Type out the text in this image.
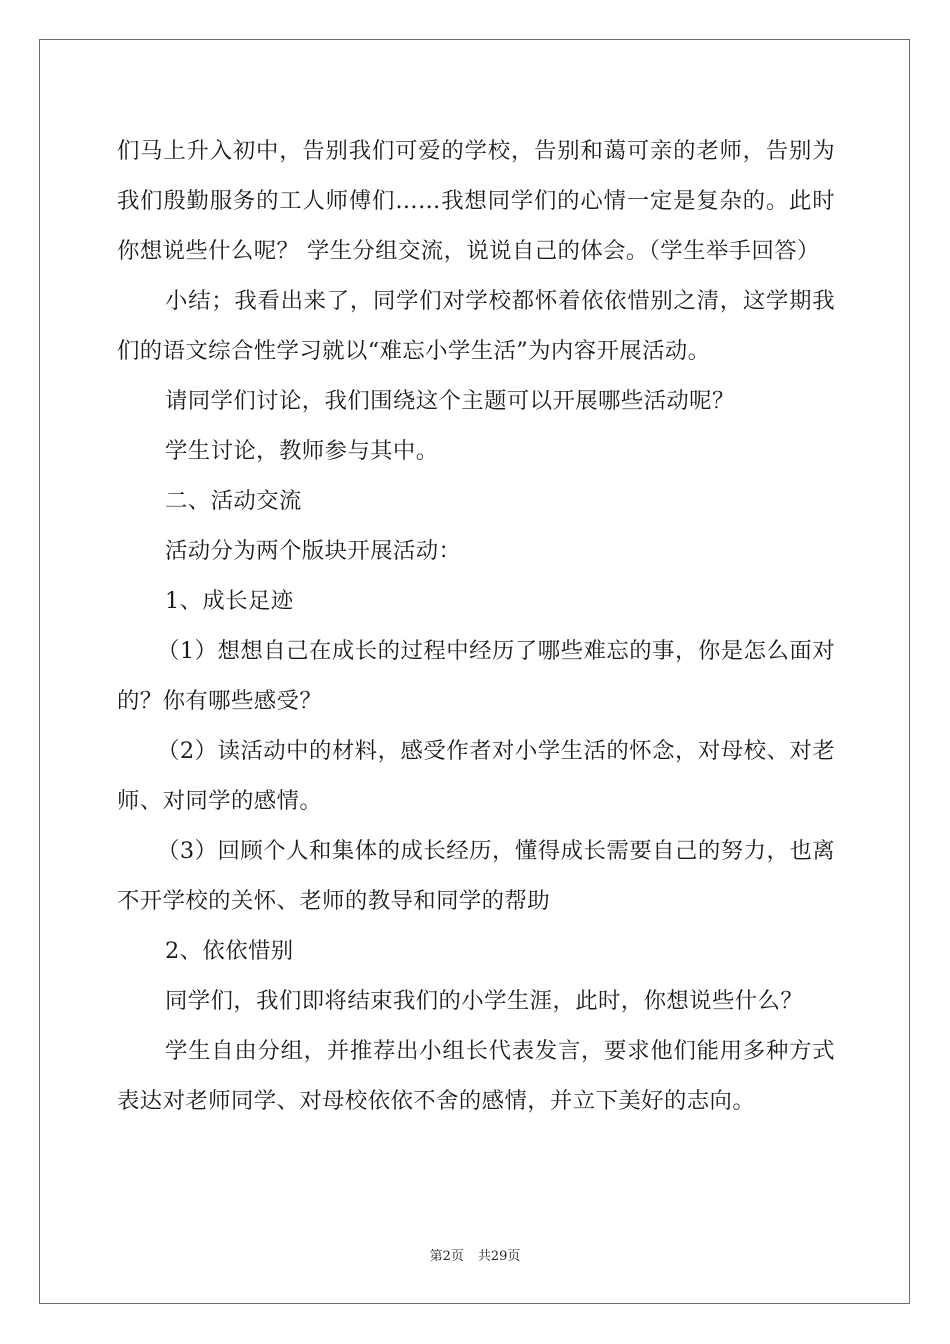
们马上升入初中，告别我们可爱的学校，告别和蔼可亲的老师，告别为我们殷勤服务的工人师傅们……我想同学们的心情一定是复杂的。此时你想说些什么呢？ 学生分组交流，说说自己的体会。（学生举手回答）

小结；我看出来了，同学们对学校都怀着依依惜别之清，这学期我们的语文综合性学习就以“难忘小学生活”为内容开展活动。

请同学们讨论，我们围绕这个主题可以开展哪些活动呢？

学生讨论，教师参与其中。

二、活动交流

活动分为两个版块开展活动：

1、成长足迹

（1）想想自己在成长的过程中经历了哪些难忘的事，你是怎么面对的？你有哪些感受？

（2）读活动中的材料，感受作者对小学生活的怀念，对母校、对老师、对同学的感情。

（3）回顾个人和集体的成长经历，懂得成长需要自己的努力，也离不开学校的关怀、老师的教导和同学的帮助

2、依依惜别

同学们，我们即将结束我们的小学生涯，此时，你想说些什么？

学生自由分组，并推荐出小组长代表发言，要求他们能用多种方式表达对老师同学、对母校依依不舍的感情，并立下美好的志向。

第2页 共29页
